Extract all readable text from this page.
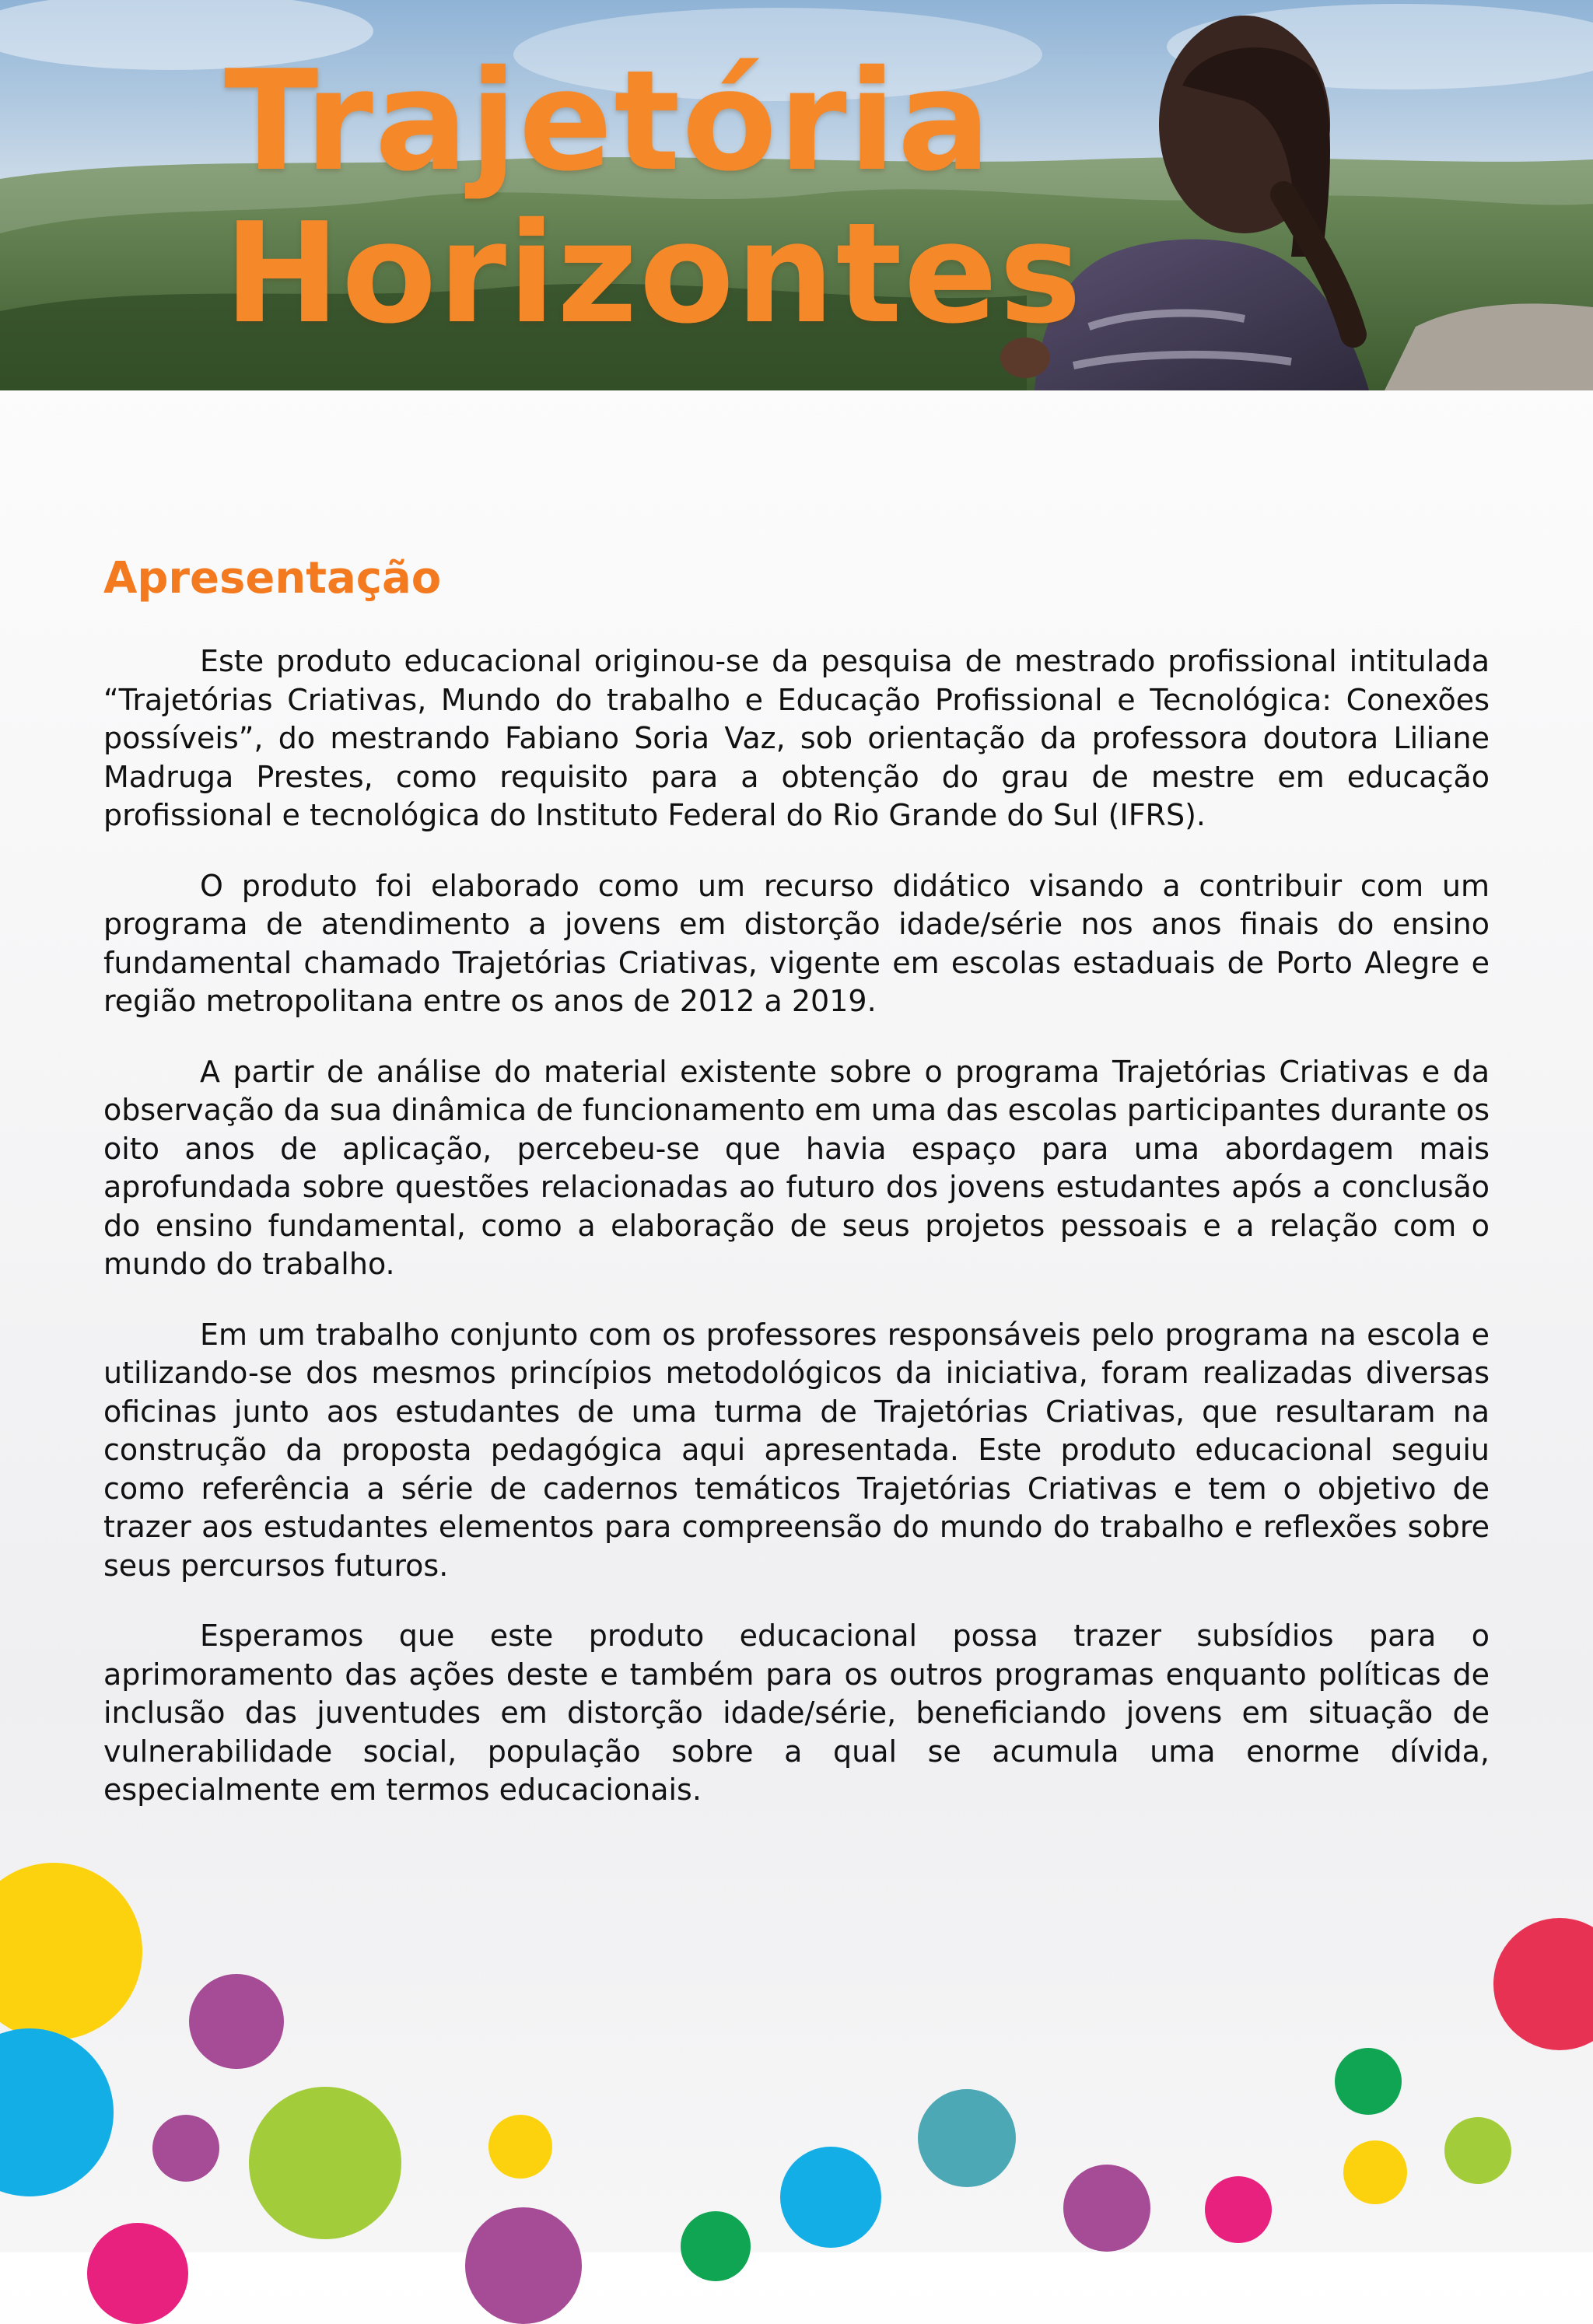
Trajetória
Horizontes
Apresentação

Este produto educacional originou-se da pesquisa de mestrado profissional intitulada “Trajetórias Criativas, Mundo do trabalho e Educação Profissional e Tecnológica: Conexões possíveis”, do mestrando Fabiano Soria Vaz, sob orientação da professora doutora Liliane Madruga Prestes, como requisito para a obtenção do grau de mestre em educação profissional e tecnológica do Instituto Federal do Rio Grande do Sul (IFRS).

O produto foi elaborado como um recurso didático visando a contribuir com um programa de atendimento a jovens em distorção idade/série nos anos finais do ensino fundamental chamado Trajetórias Criativas, vigente em escolas estaduais de Porto Alegre e região metropolitana entre os anos de 2012 a 2019.

A partir de análise do material existente sobre o programa Trajetórias Criativas e da observação da sua dinâmica de funcionamento em uma das escolas participantes durante os oito anos de aplicação, percebeu-se que havia espaço para uma abordagem mais aprofundada sobre questões relacionadas ao futuro dos jovens estudantes após a conclusão do ensino fundamental, como a elaboração de seus projetos pessoais e a relação com o mundo do trabalho.

Em um trabalho conjunto com os professores responsáveis pelo programa na escola e utilizando-se dos mesmos princípios metodológicos da iniciativa, foram realizadas diversas oficinas junto aos estudantes de uma turma de Trajetórias Criativas, que resultaram na construção da proposta pedagógica aqui apresentada. Este produto educacional seguiu como referência a série de cadernos temáticos Trajetórias Criativas e tem o objetivo de trazer aos estudantes elementos para compreensão do mundo do trabalho e reflexões sobre seus percursos futuros.

Esperamos que este produto educacional possa trazer subsídios para o aprimoramento das ações deste e também para os outros programas enquanto políticas de inclusão das juventudes em distorção idade/série, beneficiando jovens em situação de vulnerabilidade social, população sobre a qual se acumula uma enorme dívida, especialmente em termos educacionais.
